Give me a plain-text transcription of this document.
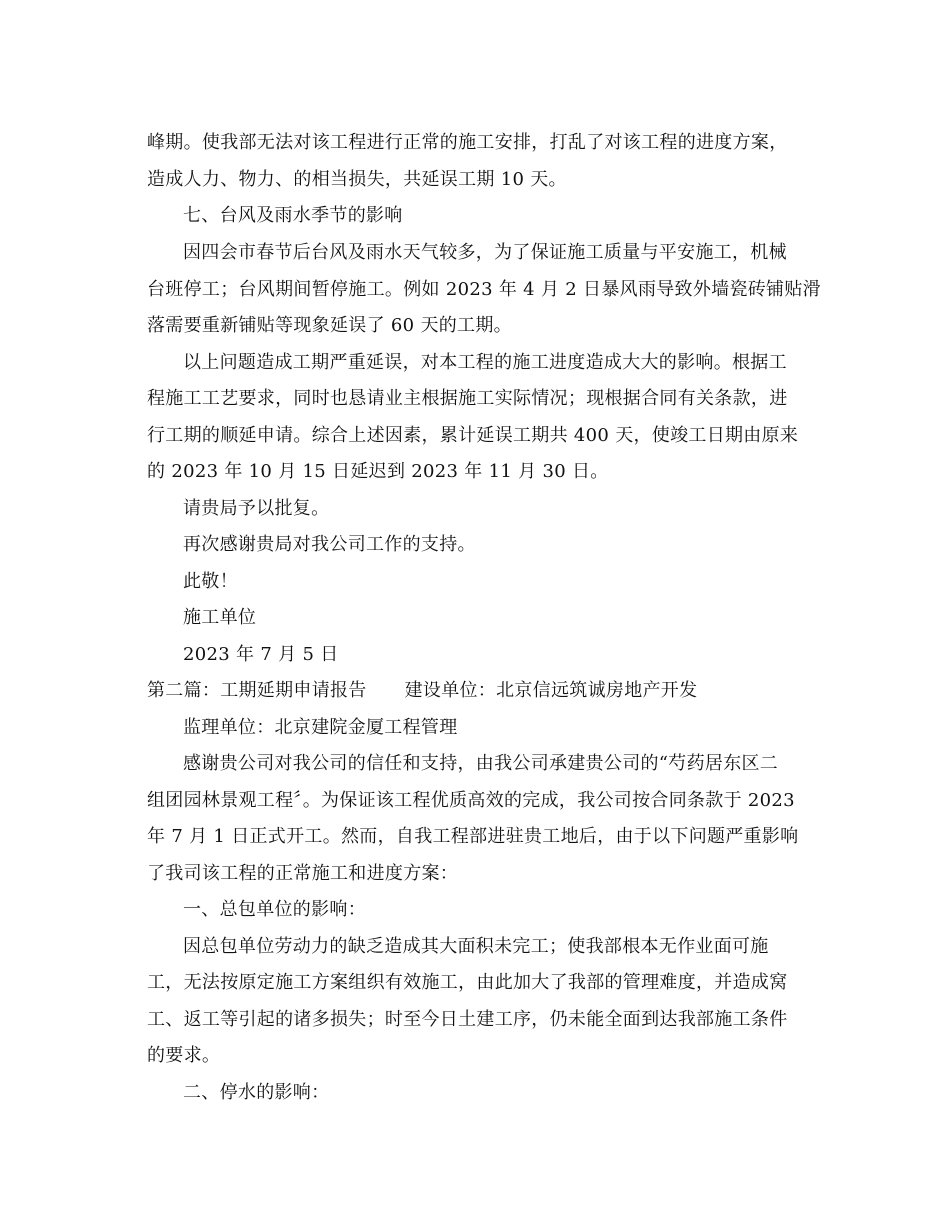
峰期。使我部无法对该工程进行正常的施工安排，打乱了对该工程的进度方案，
造成人力、物力、的相当损失，共延误工期 10 天。
七、台风及雨水季节的影响
因四会市春节后台风及雨水天气较多，为了保证施工质量与平安施工，机械
台班停工；台风期间暂停施工。例如 2023 年 4 月 2 日暴风雨导致外墙瓷砖铺贴滑
落需要重新铺贴等现象延误了 60 天的工期。
以上问题造成工期严重延误，对本工程的施工进度造成大大的影响。根据工
程施工工艺要求，同时也恳请业主根据施工实际情况；现根据合同有关条款，进
行工期的顺延申请。综合上述因素，累计延误工期共 400 天，使竣工日期由原来
的 2023 年 10 月 15 日延迟到 2023 年 11 月 30 日。
请贵局予以批复。
再次感谢贵局对我公司工作的支持。
此敬！
施工单位
2023 年 7 月 5 日
第二篇：工期延期申请报告 建设单位：北京信远筑诚房地产开发
监理单位：北京建院金厦工程管理
感谢贵公司对我公司的信任和支持，由我公司承建贵公司的“芍药居东区二
组团园林景观工程〞。为保证该工程优质高效的完成，我公司按合同条款于 2023
年 7 月 1 日正式开工。然而，自我工程部进驻贵工地后，由于以下问题严重影响
了我司该工程的正常施工和进度方案：
一、总包单位的影响：
因总包单位劳动力的缺乏造成其大面积未完工；使我部根本无作业面可施
工，无法按原定施工方案组织有效施工，由此加大了我部的管理难度，并造成窝
工、返工等引起的诸多损失；时至今日土建工序，仍未能全面到达我部施工条件
的要求。
二、停水的影响：
